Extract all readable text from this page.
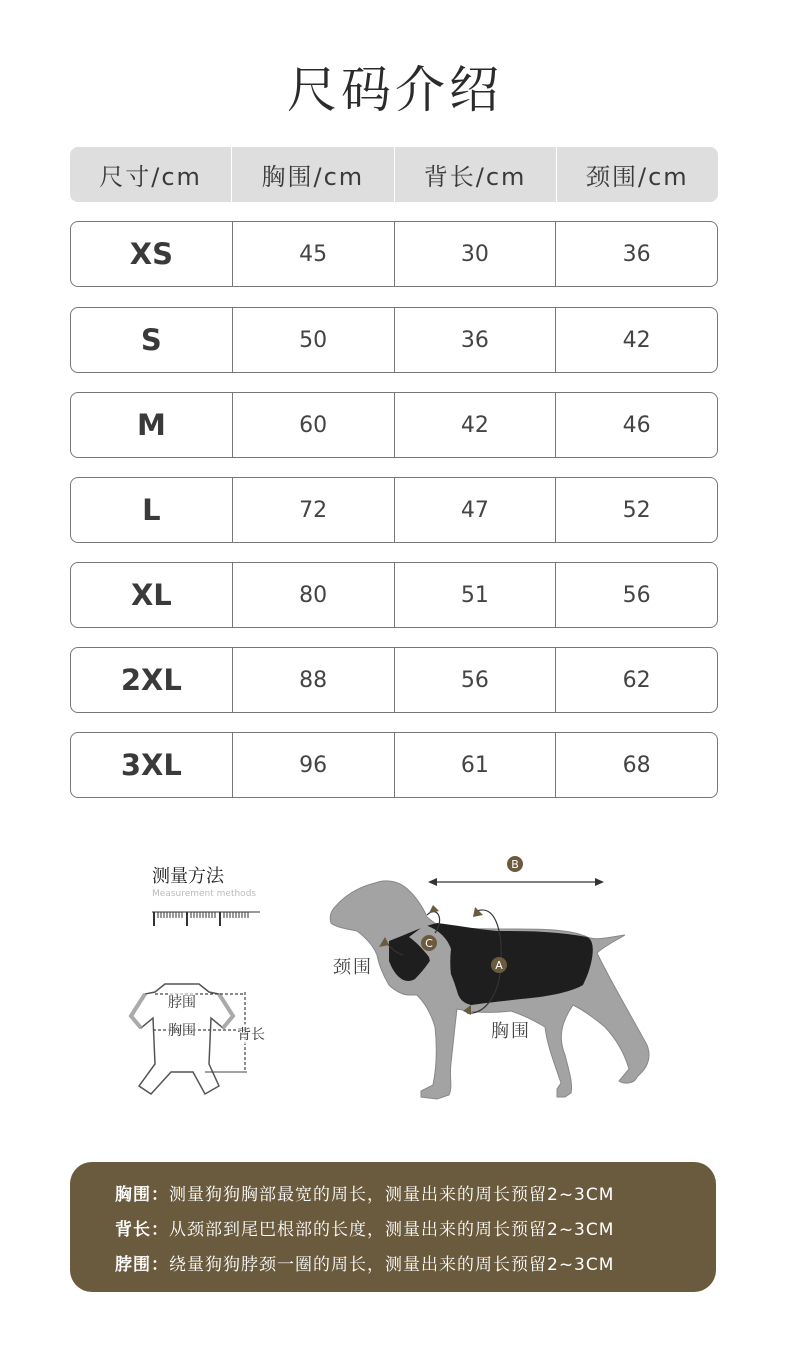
尺码介绍
尺寸/cm	胸围/cm	背长/cm	颈围/cm
XS	45	30	36
S	50	36	42
M	60	42	46
L	72	47	52
XL	80	51	56
2XL	88	56	62
3XL	96	61	68
测量方法
Measurement methods
脖围
胸围	背长
B
C
A
颈围
胸围
胸围：测量狗狗胸部最宽的周长，测量出来的周长预留2~3CM
背长：从颈部到尾巴根部的长度，测量出来的周长预留2~3CM
脖围：绕量狗狗脖颈一圈的周长，测量出来的周长预留2~3CM
